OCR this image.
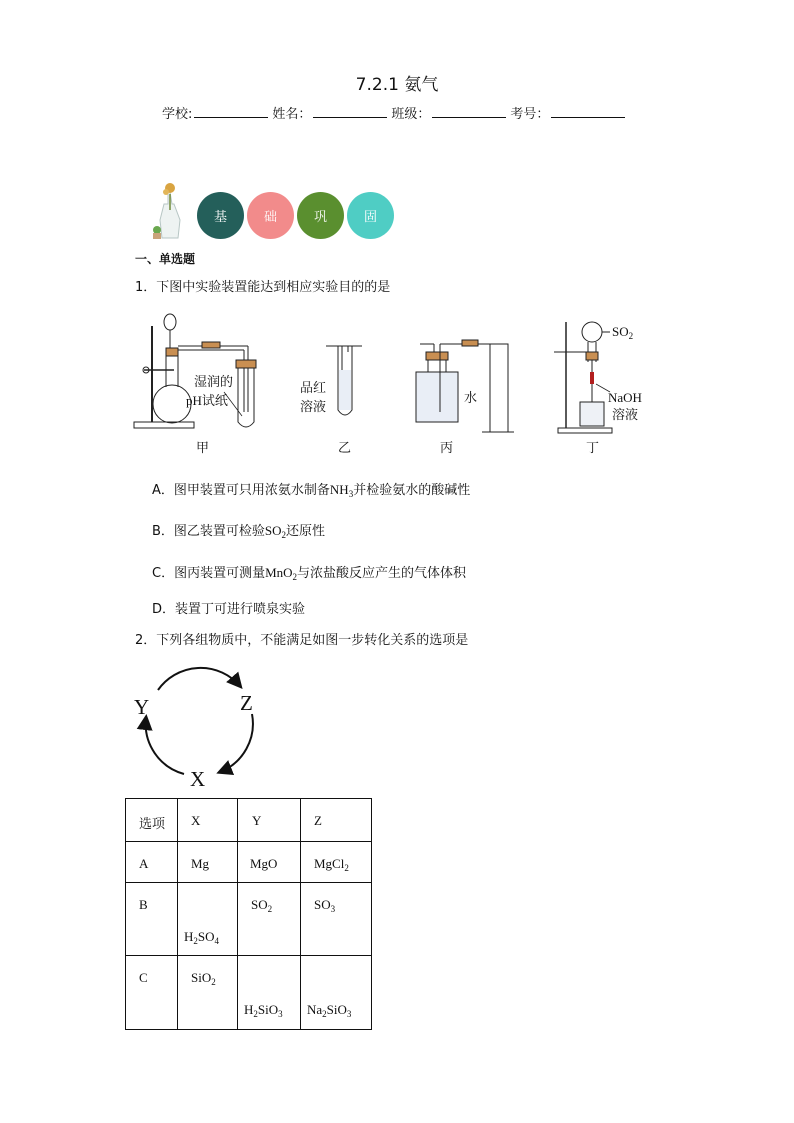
7.2.1 氨气
学校:	姓名：	班级：	考号：
基	础	巩	固
一、单选题
1．下图中实验装置能达到相应实验目的的是
湿润的
pH试纸
甲
品红
溶液
乙
水
丙
$SO_2$
NaOH
溶液
丁
A．图甲装置可只用浓氨水制备$NH_3$并检验氨水的酸碱性
B．图乙装置可检验$SO_2$还原性
C．图丙装置可测量MnO$_2$与浓盐酸反应产生的气体体积
D．装置丁可进行喷泉实验
2．下列各组物质中，不能满足如图一步转化关系的选项是
Y	Z
X
选项	X	Y	Z

A	Mg	MgO	MgCl$_2$

B	$H_2SO_4$	$SO_2$	$SO_3$

C	SiO$_2$	$H_2SiO_3$	$Na_2SiO_3$
